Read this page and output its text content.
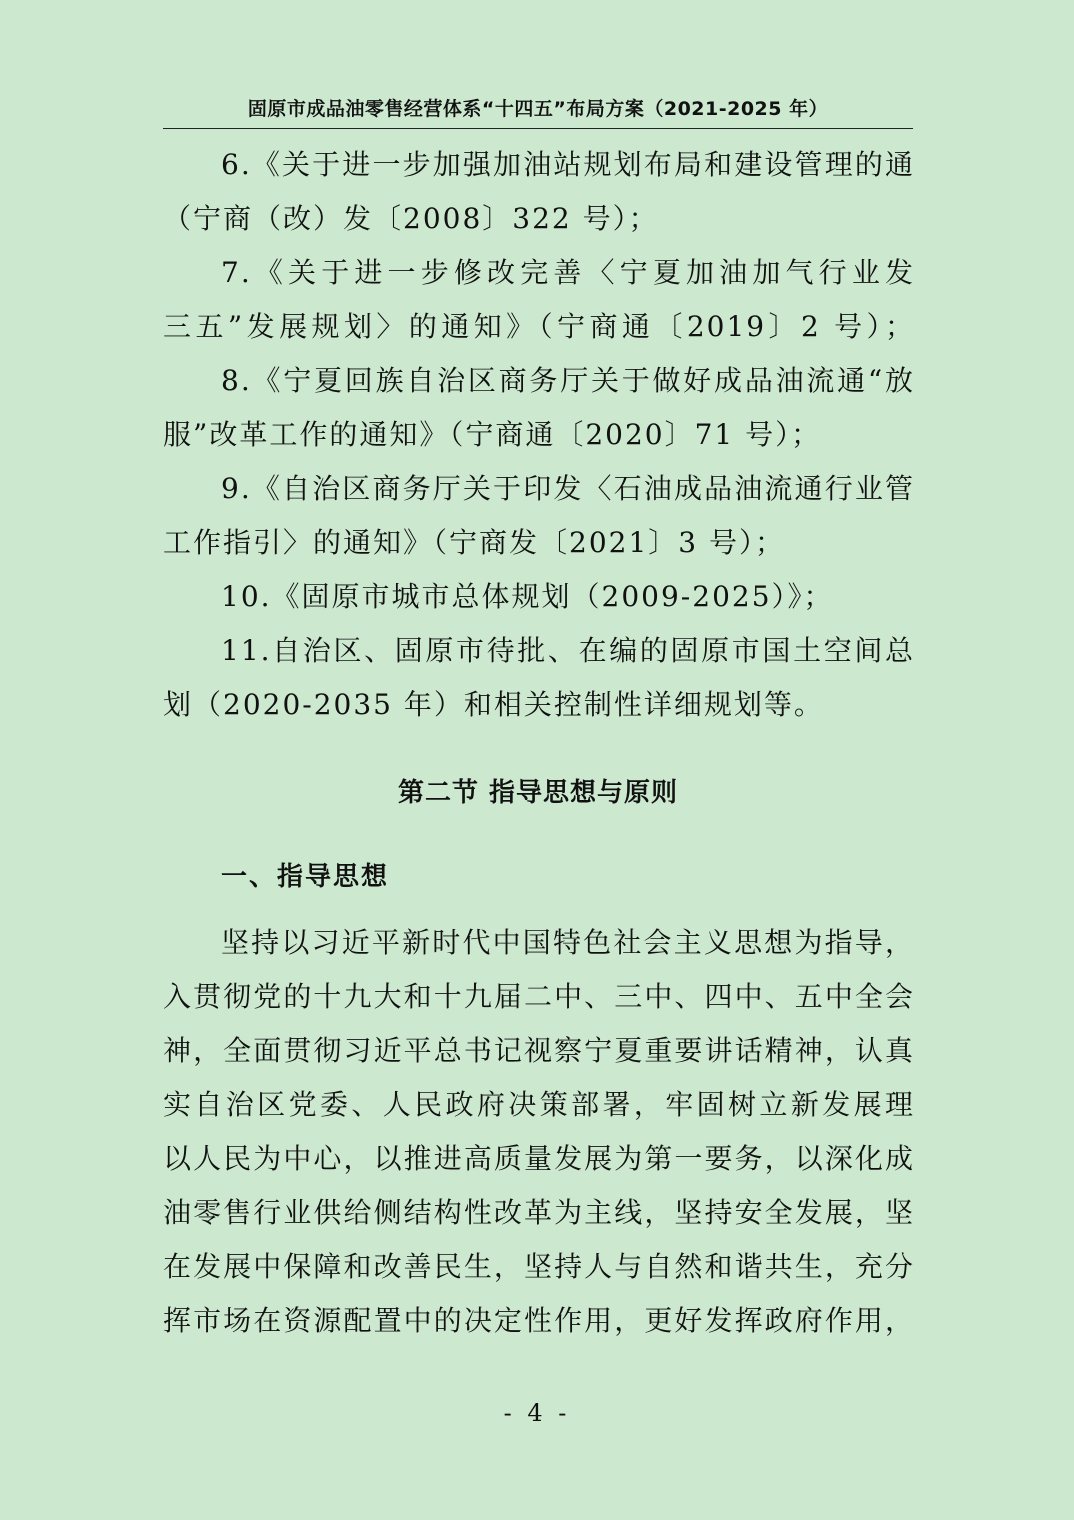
固原市成品油零售经营体系“十四五”布局方案（2021-2025 年）
6.《关于进一步加强加油站规划布局和建设管理的通
（宁商（改）发〔2008〕322 号）；
7.《关于进一步修改完善〈宁夏加油加气行业发
三五”发展规划〉的通知》（宁商通〔2019〕2 号）；
8.《宁夏回族自治区商务厅关于做好成品油流通“放
服”改革工作的通知》（宁商通〔2020〕71 号）；
9.《自治区商务厅关于印发〈石油成品油流通行业管
工作指引〉的通知》（宁商发〔2021〕3 号）；
10.《固原市城市总体规划（2009-2025）》；
11.自治区、固原市待批、在编的固原市国土空间总
划（2020-2035 年）和相关控制性详细规划等。
第二节 指导思想与原则
一、指导思想
坚持以习近平新时代中国特色社会主义思想为指导，
入贯彻党的十九大和十九届二中、三中、四中、五中全会
神，全面贯彻习近平总书记视察宁夏重要讲话精神，认真
实自治区党委、人民政府决策部署，牢固树立新发展理
以人民为中心，以推进高质量发展为第一要务，以深化成
油零售行业供给侧结构性改革为主线，坚持安全发展，坚
在发展中保障和改善民生，坚持人与自然和谐共生，充分
挥市场在资源配置中的决定性作用，更好发挥政府作用，
- 4 -
